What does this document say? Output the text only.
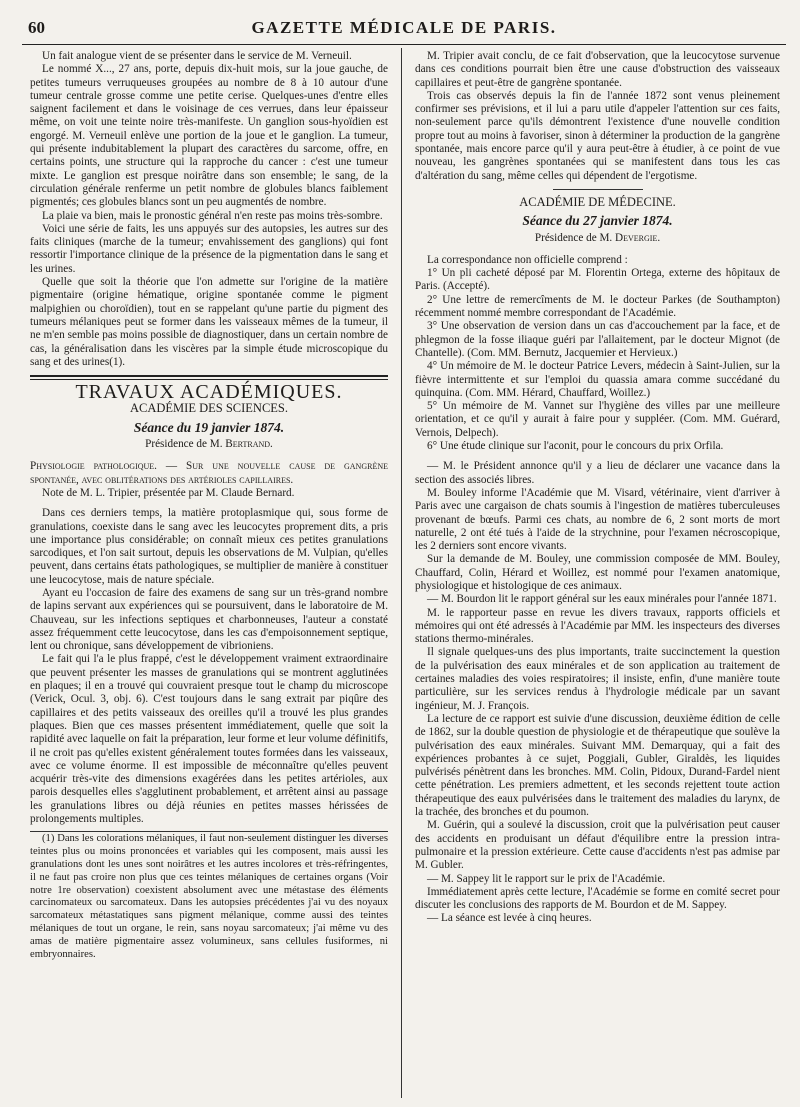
60	GAZETTE MÉDICALE DE PARIS.

Un fait analogue vient de se présenter dans le service de M. Verneuil.

Le nommé X..., 27 ans, porte, depuis dix-huit mois, sur la joue gauche, de petites tumeurs verruqueuses groupées au nombre de 8 à 10 autour d'une tumeur centrale grosse comme une petite cerise. Quelques-unes d'entre elles saignent facilement et dans le voisinage de ces verrues, dans leur épaisseur même, on voit une teinte noire très-manifeste. Un ganglion sous-hyoïdien est engorgé. M. Verneuil enlève une portion de la joue et le ganglion. La tumeur, qui présente indubitablement la plupart des caractères du sarcome, offre, en certains points, une structure qui la rapproche du cancer : c'est une tumeur mixte. Le ganglion est presque noirâtre dans son ensemble; le sang, de la circulation générale renferme un petit nombre de globules blancs faiblement pigmentés; ces globules blancs sont un peu augmentés de nombre.

La plaie va bien, mais le pronostic général n'en reste pas moins très-sombre.

Voici une série de faits, les uns appuyés sur des autopsies, les autres sur des faits cliniques (marche de la tumeur; envahissement des ganglions) qui font ressortir l'importance clinique de la présence de la pigmentation dans le sang et les urines.

Quelle que soit la théorie que l'on admette sur l'origine de la matière pigmentaire (origine hématique, origine spontanée comme le pigment malpighien ou choroïdien), tout en se rappelant qu'une partie du pigment des tumeurs mélaniques peut se former dans les vaisseaux mêmes de la tumeur, il ne m'en semble pas moins possible de diagnostiquer, dans un certain nombre de cas, la généralisation dans les viscères par la simple étude microscopique du sang et des urines(1).

TRAVAUX ACADÉMIQUES.

ACADÉMIE DES SCIENCES.

Séance du 19 janvier 1874.

Présidence de M. Bertrand.

Physiologie pathologique. — Sur une nouvelle cause de gangrène spontanée, avec oblitérations des artérioles capillaires.

Note de M. L. Tripier, présentée par M. Claude Bernard.

Dans ces derniers temps, la matière protoplasmique qui, sous forme de granulations, coexiste dans le sang avec les leucocytes proprement dits, a pris une importance plus considérable; on connaît mieux ces petites granulations sarcodiques, et l'on sait surtout, depuis les observations de M. Vulpian, qu'elles peuvent, dans certains états pathologiques, se multiplier de manière à constituer une leucocytose, mais de nature spéciale.

Ayant eu l'occasion de faire des examens de sang sur un très-grand nombre de lapins servant aux expériences qui se poursuivent, dans le laboratoire de M. Chauveau, sur les infections septiques et charbonneuses, l'auteur a constaté assez fréquemment cette leucocytose, dans les cas d'empoisonnement septique, lent ou chronique, sans développement de vibrioniens.

Le fait qui l'a le plus frappé, c'est le développement vraiment extraordinaire que peuvent présenter les masses de granulations qui se montrent agglutinées en plaques; il en a trouvé qui couvraient presque tout le champ du microscope (Verick, Ocul. 3, obj. 6). C'est toujours dans le sang extrait par piqûre des capillaires et des petits vaisseaux des oreilles qu'il a trouvé les plus grandes plaques. Bien que ces masses présentent immédiatement, quelle que soit la rapidité avec laquelle on fait la préparation, leur forme et leur volume définitifs, il ne croit pas qu'elles existent généralement toutes formées dans les vaisseaux, avec ce volume énorme. Il est impossible de méconnaître qu'elles peuvent acquérir très-vite des dimensions exagérées dans les petites artérioles, aux parois desquelles elles s'agglutinent probablement, et arrêtent ainsi au passage les granulations libres ou déjà réunies en petites masses hérissées de prolongements multiples.

(1) Dans les colorations mélaniques, il faut non-seulement distinguer les diverses teintes plus ou moins prononcées et variables qui les composent, mais aussi les granulations dont les unes sont noirâtres et les autres incolores et très-réfringentes, il ne faut pas croire non plus que ces teintes mélaniques de certaines organs (Voir notre 1re observation) coexistent absolument avec une métastase des éléments carcinomateux ou sarcomateux. Dans les autopsies précédentes j'ai vu des noyaux sarcomateux métastatiques sans pigment mélanique, comme aussi des teintes mélaniques de tout un organe, le rein, sans noyau sarcomateux; j'ai même vu des amas de matière pigmentaire assez volumineux, sans cellules fusiformes, ni embryonnaires.

M. Tripier avait conclu, de ce fait d'observation, que la leucocytose survenue dans ces conditions pourrait bien être une cause d'obstruction des vaisseaux capillaires et peut-être de gangrène spontanée.

Trois cas observés depuis la fin de l'année 1872 sont venus pleinement confirmer ses prévisions, et il lui a paru utile d'appeler l'attention sur ces faits, non-seulement parce qu'ils démontrent l'existence d'une nouvelle condition propre tout au moins à favoriser, sinon à déterminer la production de la gangrène spontanée, mais encore parce qu'il y aura peut-être à étudier, à ce point de vue nouveau, les gangrènes spontanées qui se manifestent dans tous les cas d'altération du sang, même celles qui dépendent de l'ergotisme.

ACADÉMIE DE MÉDECINE.

Séance du 27 janvier 1874.

Présidence de M. Devergie.

La correspondance non officielle comprend :

1° Un pli cacheté déposé par M. Florentin Ortega, externe des hôpitaux de Paris. (Accepté).

2° Une lettre de remercîments de M. le docteur Parkes (de Southampton) récemment nommé membre correspondant de l'Académie.

3° Une observation de version dans un cas d'accouchement par la face, et de phlegmon de la fosse iliaque guéri par l'allaitement, par le docteur Mignot (de Chantelle). (Com. MM. Bernutz, Jacquemier et Hervieux.)

4° Un mémoire de M. le docteur Patrice Levers, médecin à Saint-Julien, sur la fièvre intermittente et sur l'emploi du quassia amara comme succédané du quinquina. (Com. MM. Hérard, Chauffard, Woillez.)

5° Un mémoire de M. Vannet sur l'hygiène des villes par une meilleure orientation, et ce qu'il y aurait à faire pour y suppléer. (Com. MM. Guérard, Vernois, Delpech).

6° Une étude clinique sur l'aconit, pour le concours du prix Orfila.

— M. le Président annonce qu'il y a lieu de déclarer une vacance dans la section des associés libres.

M. Bouley informe l'Académie que M. Visard, vétérinaire, vient d'arriver à Paris avec une cargaison de chats soumis à l'ingestion de matières tuberculeuses provenant de bœufs. Parmi ces chats, au nombre de 6, 2 sont morts de mort naturelle, 2 ont été tués à l'aide de la strychnine, pour l'examen nécroscopique, les 2 derniers sont encore vivants.

Sur la demande de M. Bouley, une commission composée de MM. Bouley, Chauffard, Colin, Hérard et Woillez, est nommé pour l'examen anatomique, physiologique et histologique de ces animaux.

— M. Bourdon lit le rapport général sur les eaux minérales pour l'année 1871.

M. le rapporteur passe en revue les divers travaux, rapports officiels et mémoires qui ont été adressés à l'Académie par MM. les inspecteurs des diverses stations thermo-minérales.

Il signale quelques-uns des plus importants, traite succinctement la question de la pulvérisation des eaux minérales et de son application au traitement de certaines maladies des voies respiratoires; il insiste, enfin, d'une manière toute particulière, sur les services rendus à l'hydrologie médicale par un savant ingénieur, M. J. François.

La lecture de ce rapport est suivie d'une discussion, deuxième édition de celle de 1862, sur la double question de physiologie et de thérapeutique que soulève la pulvérisation des eaux minérales. Suivant MM. Demarquay, qui a fait des expériences probantes à ce sujet, Poggiali, Gubler, Giraldès, les liquides pulvérisés pénètrent dans les bronches. MM. Colin, Pidoux, Durand-Fardel nient cette pénétration. Les premiers admettent, et les seconds rejettent toute action thérapeutique des eaux pulvérisées dans le traitement des maladies du larynx, de la trachée, des bronches et du poumon.

M. Guérin, qui a soulevé la discussion, croit que la pulvérisation peut causer des accidents en produisant un défaut d'équilibre entre la pression intra-pulmonaire et la pression extérieure. Cette cause d'accidents n'est pas admise par M. Gubler.

— M. Sappey lit le rapport sur le prix de l'Académie.

Immédiatement après cette lecture, l'Académie se forme en comité secret pour discuter les conclusions des rapports de M. Bourdon et de M. Sappey.

— La séance est levée à cinq heures.
